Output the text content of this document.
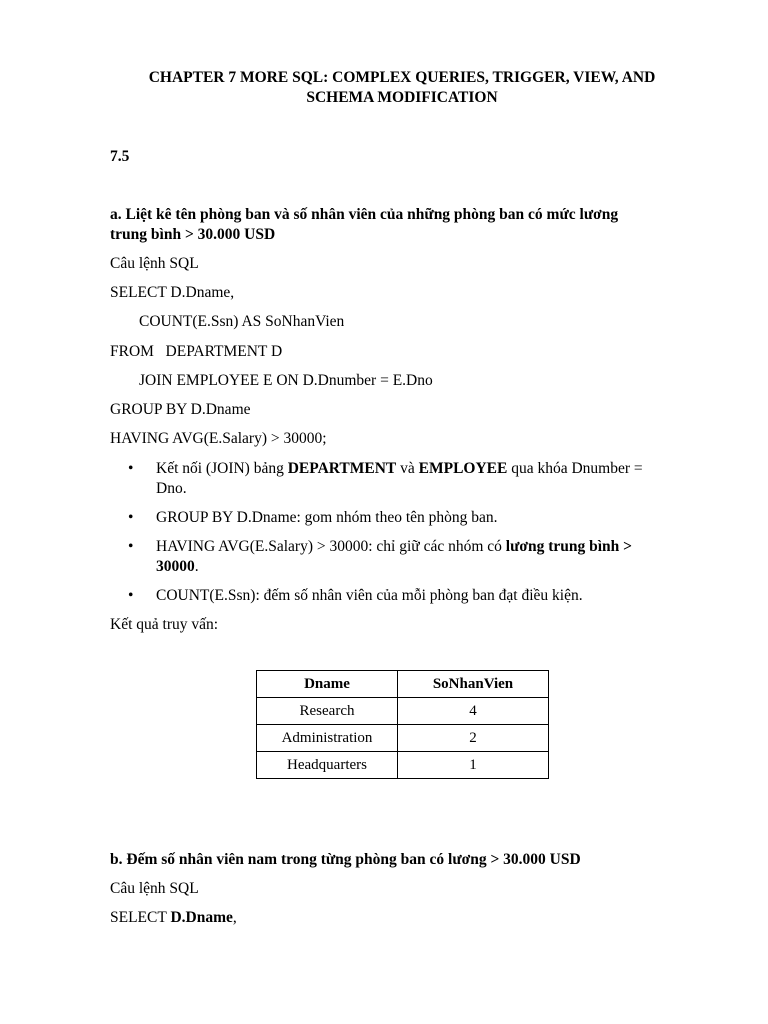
CHAPTER 7 MORE SQL: COMPLEX QUERIES, TRIGGER, VIEW, AND
SCHEMA MODIFICATION
7.5
a. Liệt kê tên phòng ban và số nhân viên của những phòng ban có mức lương
trung bình > 30.000 USD
Câu lệnh SQL
SELECT D.Dname,
COUNT(E.Ssn) AS SoNhanVien
FROM   DEPARTMENT D
JOIN EMPLOYEE E ON D.Dnumber = E.Dno
GROUP BY D.Dname
HAVING AVG(E.Salary) > 30000;
• Kết nối (JOIN) bảng DEPARTMENT và EMPLOYEE qua khóa Dnumber =
Dno.
• GROUP BY D.Dname: gom nhóm theo tên phòng ban.
• HAVING AVG(E.Salary) > 30000: chỉ giữ các nhóm có lương trung bình >
30000.
• COUNT(E.Ssn): đếm số nhân viên của mỗi phòng ban đạt điều kiện.
Kết quả truy vấn:
Dname	SoNhanVien
Research	4
Administration	2
Headquarters	1
b. Đếm số nhân viên nam trong từng phòng ban có lương > 30.000 USD
Câu lệnh SQL
SELECT D.Dname,
